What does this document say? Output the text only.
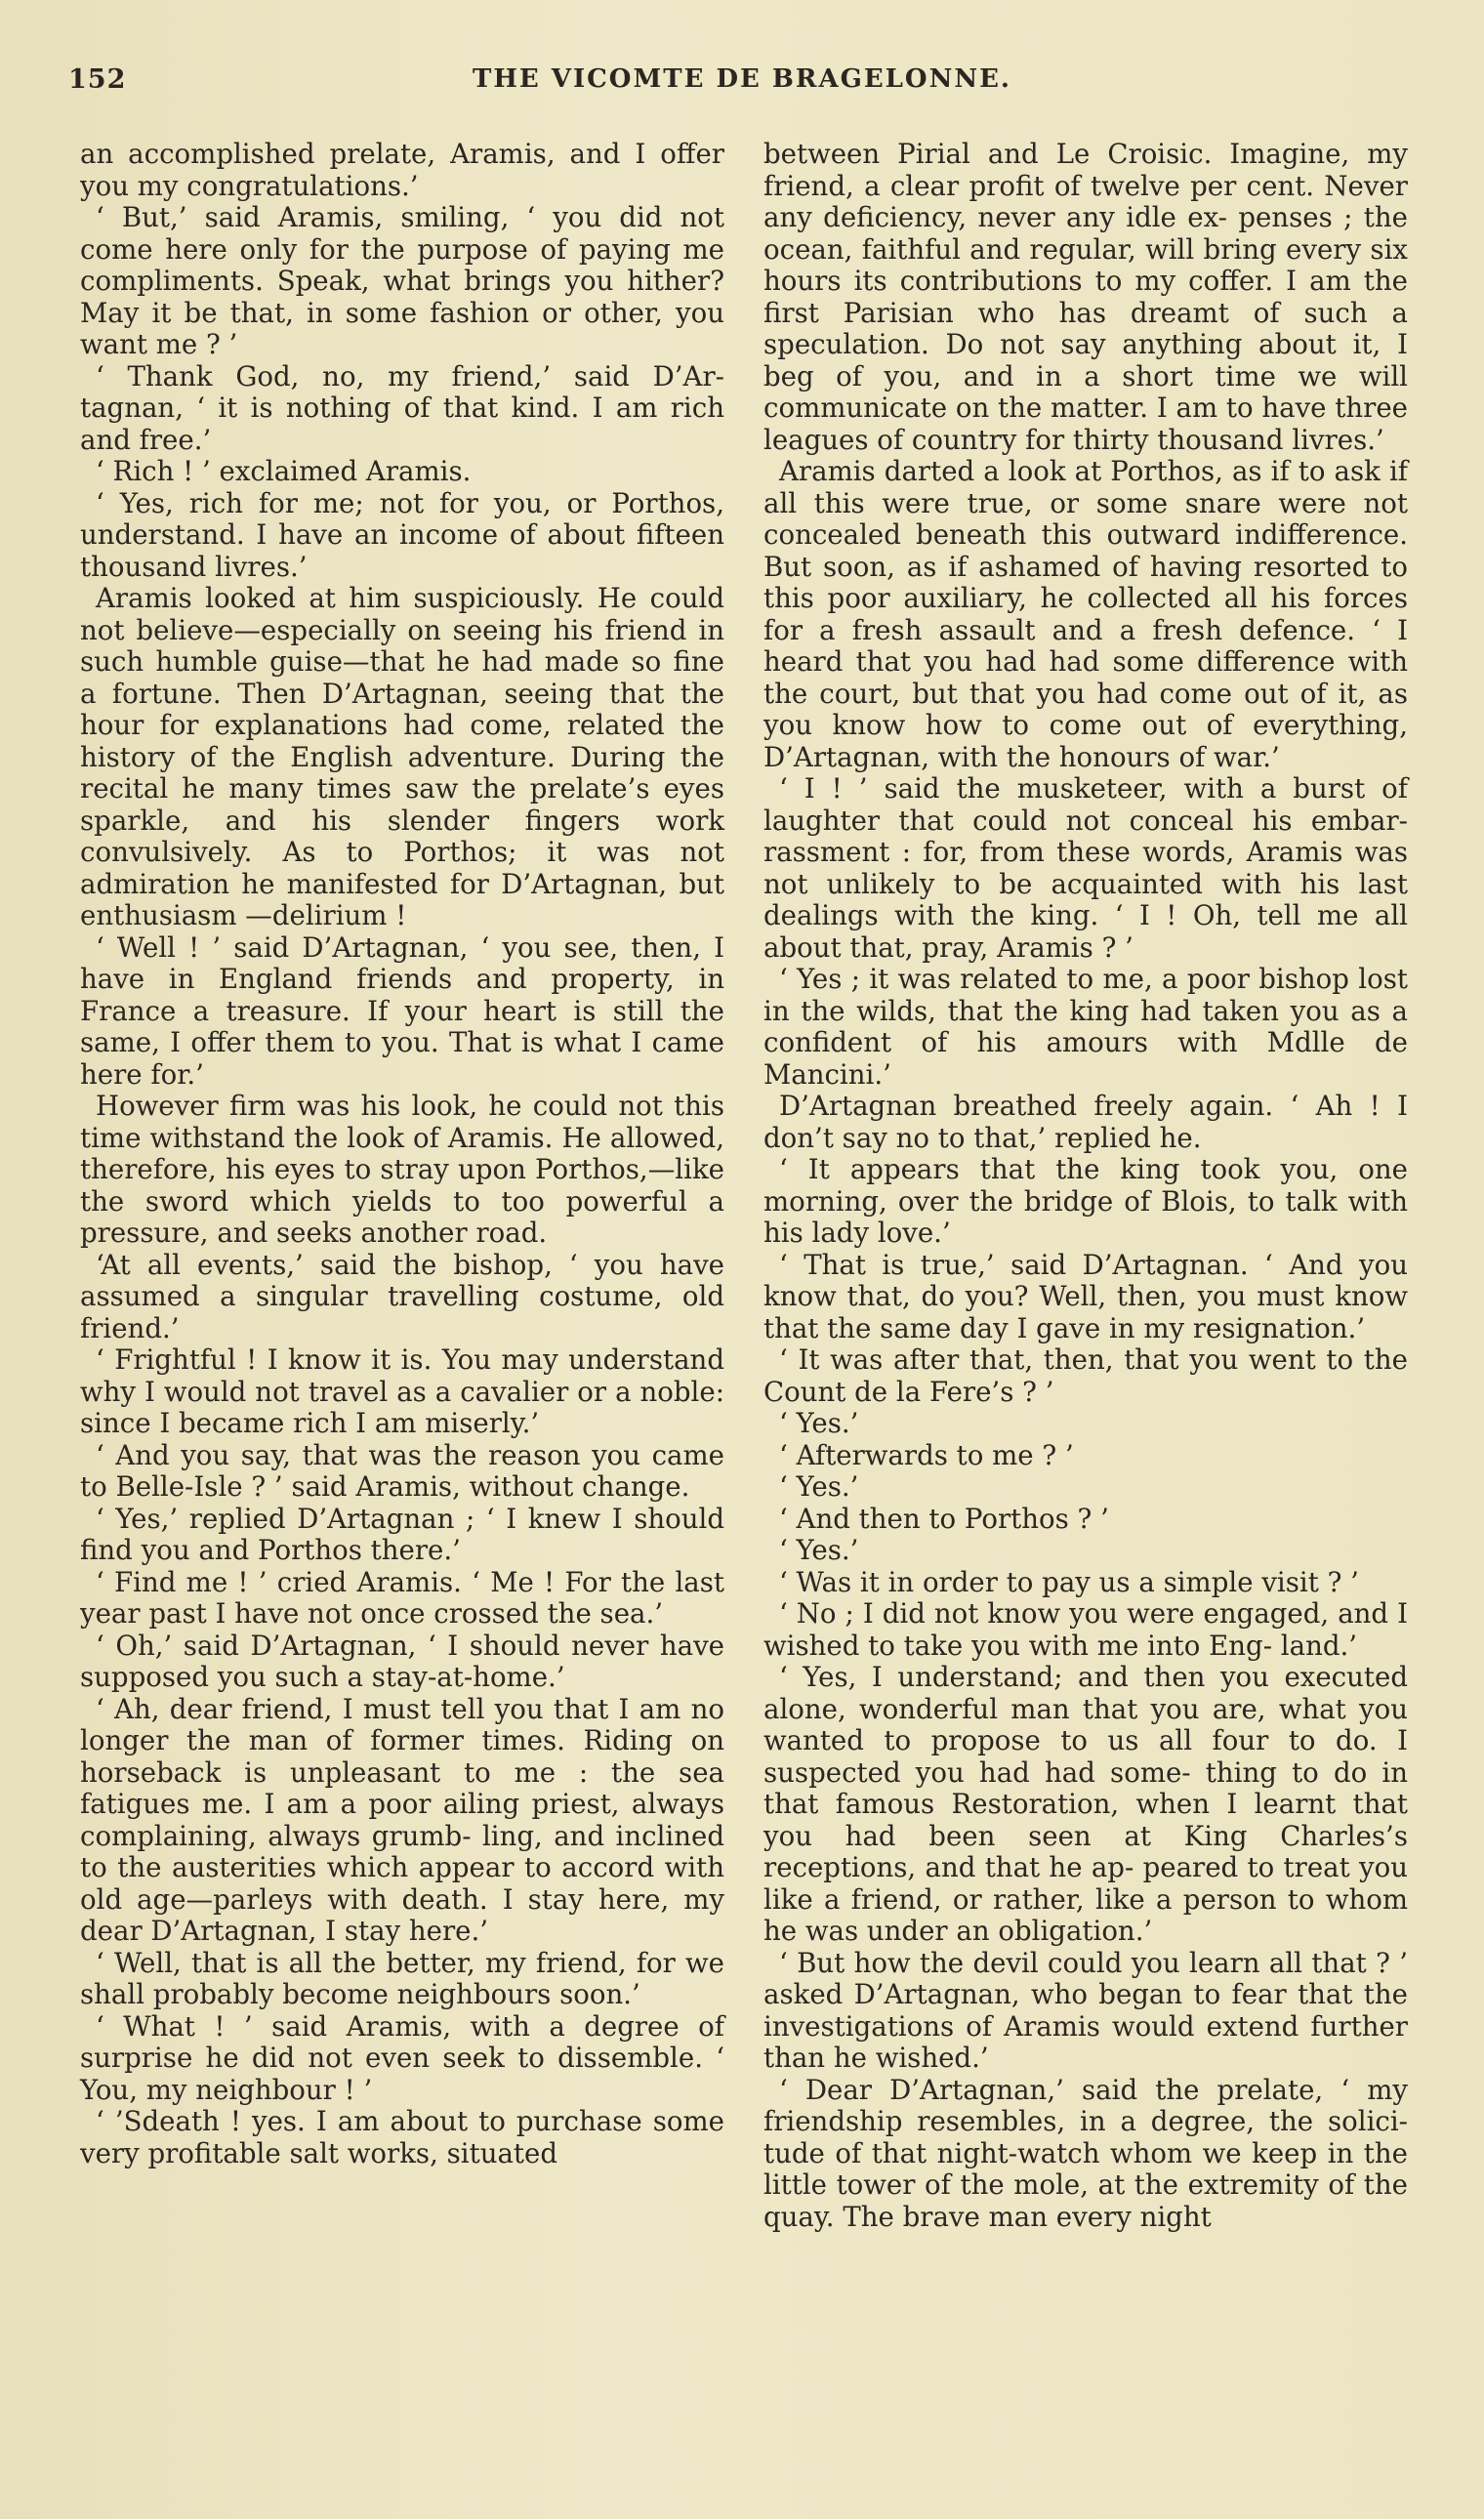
152	THE VICOMTE DE BRAGELONNE.

an accomplished prelate, Aramis, and I offer you my congratulations.’

‘ But,’ said Aramis, smiling, ‘ you did not come here only for the purpose of paying me compliments. Speak, what brings you hither? May it be that, in some fashion or other, you want me ? ’

‘ Thank God, no, my friend,’ said D’Ar- tagnan, ‘ it is nothing of that kind. I am rich and free.’

‘ Rich ! ’ exclaimed Aramis.

‘ Yes, rich for me; not for you, or Porthos, understand. I have an income of about fifteen thousand livres.’

Aramis looked at him suspiciously. He could not believe—especially on seeing his friend in such humble guise—that he had made so fine a fortune. Then D’Artagnan, seeing that the hour for explanations had come, related the history of the English adventure. During the recital he many times saw the prelate’s eyes sparkle, and his slender fingers work convulsively. As to Porthos; it was not admiration he manifested for D’Artagnan, but enthusiasm —delirium !

‘ Well ! ’ said D’Artagnan, ‘ you see, then, I have in England friends and property, in France a treasure. If your heart is still the same, I offer them to you. That is what I came here for.’

However firm was his look, he could not this time withstand the look of Aramis. He allowed, therefore, his eyes to stray upon Porthos,—like the sword which yields to too powerful a pressure, and seeks another road.

‘At all events,’ said the bishop, ‘ you have assumed a singular travelling costume, old friend.’

‘ Frightful ! I know it is. You may understand why I would not travel as a cavalier or a noble: since I became rich I am miserly.’

‘ And you say, that was the reason you came to Belle-Isle ? ’ said Aramis, without change.

‘ Yes,’ replied D’Artagnan ; ‘ I knew I should find you and Porthos there.’

‘ Find me ! ’ cried Aramis. ‘ Me ! For the last year past I have not once crossed the sea.’

‘ Oh,’ said D’Artagnan, ‘ I should never have supposed you such a stay-at-home.’

‘ Ah, dear friend, I must tell you that I am no longer the man of former times. Riding on horseback is unpleasant to me : the sea fatigues me. I am a poor ailing priest, always complaining, always grumb- ling, and inclined to the austerities which appear to accord with old age—parleys with death. I stay here, my dear D’Artagnan, I stay here.’

‘ Well, that is all the better, my friend, for we shall probably become neighbours soon.’

‘ What ! ’ said Aramis, with a degree of surprise he did not even seek to dissemble. ‘ You, my neighbour ! ’

‘ ’Sdeath ! yes. I am about to purchase some very profitable salt works, situated

between Pirial and Le Croisic. Imagine, my friend, a clear profit of twelve per cent. Never any deficiency, never any idle ex- penses ; the ocean, faithful and regular, will bring every six hours its contributions to my coffer. I am the first Parisian who has dreamt of such a speculation. Do not say anything about it, I beg of you, and in a short time we will communicate on the matter. I am to have three leagues of country for thirty thousand livres.’

Aramis darted a look at Porthos, as if to ask if all this were true, or some snare were not concealed beneath this outward indifference. But soon, as if ashamed of having resorted to this poor auxiliary, he collected all his forces for a fresh assault and a fresh defence. ‘ I heard that you had had some difference with the court, but that you had come out of it, as you know how to come out of everything, D’Artagnan, with the honours of war.’

‘ I ! ’ said the musketeer, with a burst of laughter that could not conceal his embar- rassment : for, from these words, Aramis was not unlikely to be acquainted with his last dealings with the king. ‘ I ! Oh, tell me all about that, pray, Aramis ? ’

‘ Yes ; it was related to me, a poor bishop lost in the wilds, that the king had taken you as a confident of his amours with Mdlle de Mancini.’

D’Artagnan breathed freely again. ‘ Ah ! I don’t say no to that,’ replied he.

‘ It appears that the king took you, one morning, over the bridge of Blois, to talk with his lady love.’

‘ That is true,’ said D’Artagnan. ‘ And you know that, do you? Well, then, you must know that the same day I gave in my resignation.’

‘ It was after that, then, that you went to the Count de la Fere’s ? ’

‘ Yes.’

‘ Afterwards to me ? ’

‘ Yes.’

‘ And then to Porthos ? ’

‘ Yes.’

‘ Was it in order to pay us a simple visit ? ’

‘ No ; I did not know you were engaged, and I wished to take you with me into Eng- land.’

‘ Yes, I understand; and then you executed alone, wonderful man that you are, what you wanted to propose to us all four to do. I suspected you had had some- thing to do in that famous Restoration, when I learnt that you had been seen at King Charles’s receptions, and that he ap- peared to treat you like a friend, or rather, like a person to whom he was under an obligation.’

‘ But how the devil could you learn all that ? ’ asked D’Artagnan, who began to fear that the investigations of Aramis would extend further than he wished.’

‘ Dear D’Artagnan,’ said the prelate, ‘ my friendship resembles, in a degree, the solici- tude of that night-watch whom we keep in the little tower of the mole, at the extremity of the quay. The brave man every night
